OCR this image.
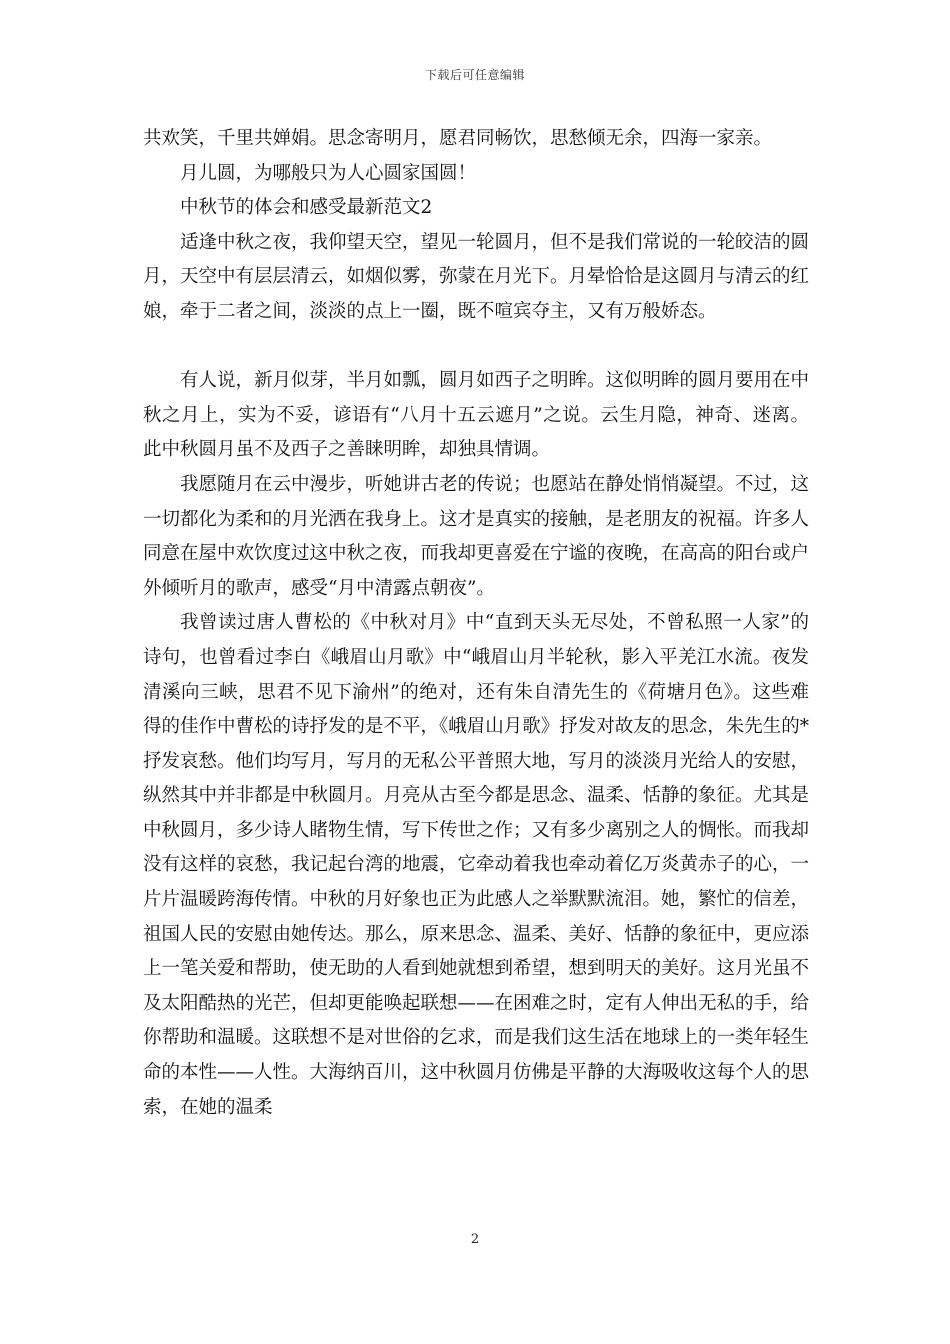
下载后可任意编辑

共欢笑，千里共婵娟。思念寄明月，愿君同畅饮，思愁倾无余，四海一家亲。

月儿圆，为哪般只为人心圆家国圆！

中秋节的体会和感受最新范文2

适逢中秋之夜，我仰望天空，望见一轮圆月，但不是我们常说的一轮皎洁的圆月，天空中有层层清云，如烟似雾，弥蒙在月光下。月晕恰恰是这圆月与清云的红娘，牵于二者之间，淡淡的点上一圈，既不喧宾夺主，又有万般娇态。

有人说，新月似芽，半月如瓢，圆月如西子之明眸。这似明眸的圆月要用在中秋之月上，实为不妥，谚语有“八月十五云遮月”之说。云生月隐，神奇、迷离。此中秋圆月虽不及西子之善睐明眸，却独具情调。

我愿随月在云中漫步，听她讲古老的传说；也愿站在静处悄悄凝望。不过，这一切都化为柔和的月光洒在我身上。这才是真实的接触，是老朋友的祝福。许多人同意在屋中欢饮度过这中秋之夜，而我却更喜爱在宁谧的夜晚，在高高的阳台或户外倾听月的歌声，感受“月中清露点朝夜”。

我曾读过唐人曹松的《中秋对月》中“直到天头无尽处，不曾私照一人家”的诗句，也曾看过李白《峨眉山月歌》中“峨眉山月半轮秋，影入平羌江水流。夜发清溪向三峡，思君不见下渝州”的绝对，还有朱自清先生的《荷塘月色》。这些难得的佳作中曹松的诗抒发的是不平，《峨眉山月歌》抒发对故友的思念，朱先生的*抒发哀愁。他们均写月，写月的无私公平普照大地，写月的淡淡月光给人的安慰，纵然其中并非都是中秋圆月。月亮从古至今都是思念、温柔、恬静的象征。尤其是中秋圆月，多少诗人睹物生情，写下传世之作；又有多少离别之人的惆怅。而我却没有这样的哀愁，我记起台湾的地震，它牵动着我也牵动着亿万炎黄赤子的心，一片片温暖跨海传情。中秋的月好象也正为此感人之举默默流泪。她，繁忙的信差，祖国人民的安慰由她传达。那么，原来思念、温柔、美好、恬静的象征中，更应添上一笔关爱和帮助，使无助的人看到她就想到希望，想到明天的美好。这月光虽不及太阳酷热的光芒，但却更能唤起联想——在困难之时，定有人伸出无私的手，给你帮助和温暖。这联想不是对世俗的乞求，而是我们这生活在地球上的一类年轻生命的本性——人性。大海纳百川，这中秋圆月仿佛是平静的大海吸收这每个人的思索，在她的温柔

2
